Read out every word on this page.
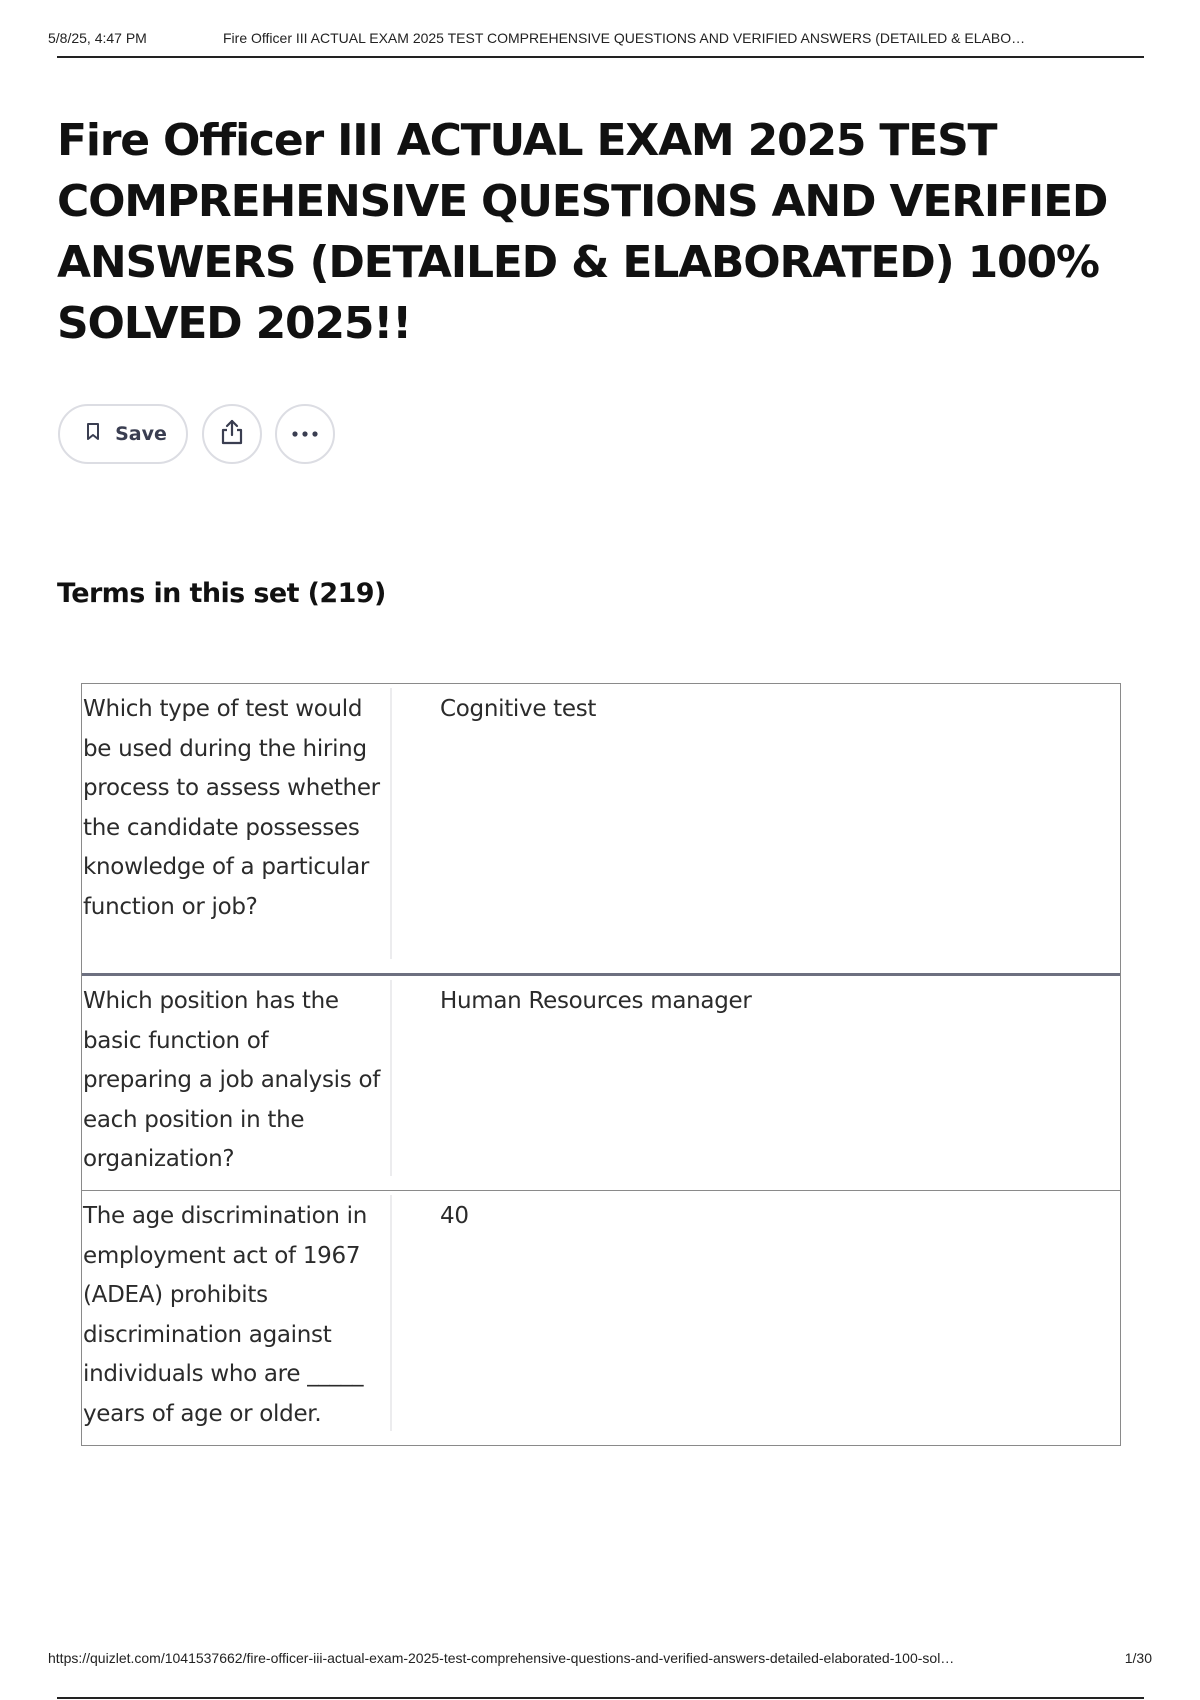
5/8/25, 4:47 PM	Fire Officer III ACTUAL EXAM 2025 TEST COMPREHENSIVE QUESTIONS AND VERIFIED ANSWERS (DETAILED & ELABO…
Fire Officer III ACTUAL EXAM 2025 TEST COMPREHENSIVE QUESTIONS AND VERIFIED ANSWERS (DETAILED & ELABORATED) 100% SOLVED 2025!!
Save
Terms in this set (219)
Which type of test would be used during the hiring process to assess whether the candidate possesses knowledge of a particular function or job?
Cognitive test
Which position has the basic function of preparing a job analysis of each position in the organization?
Human Resources manager
The age discrimination in employment act of 1967 (ADEA) prohibits discrimination against individuals who are _____ years of age or older.
40
https://quizlet.com/1041537662/fire-officer-iii-actual-exam-2025-test-comprehensive-questions-and-verified-answers-detailed-elaborated-100-sol…	1/30
